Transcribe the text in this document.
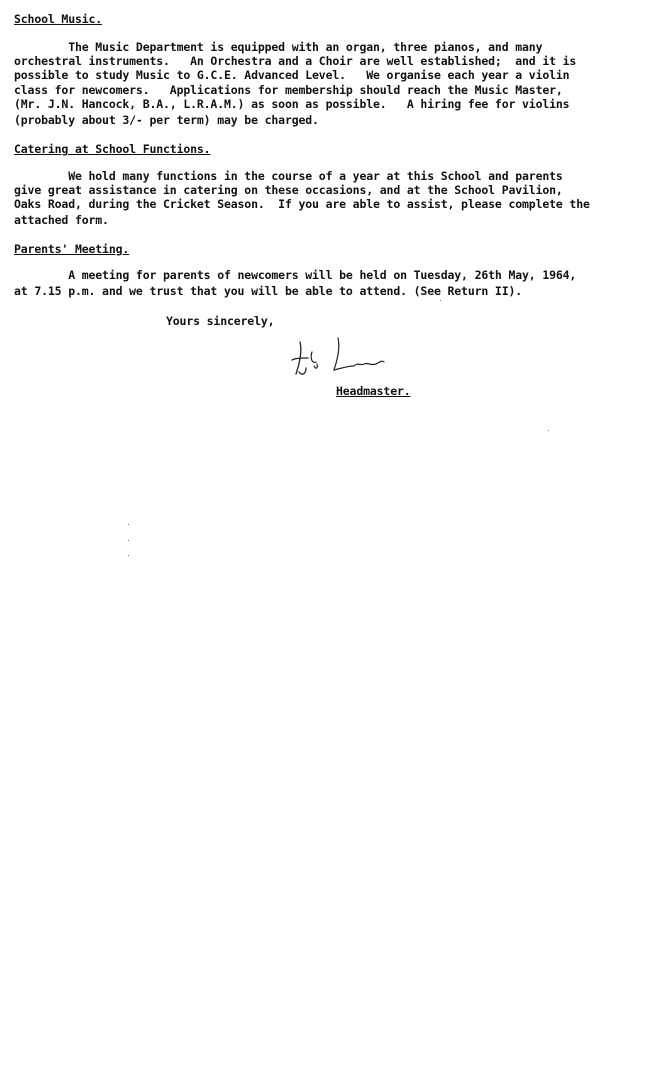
School Music.

The Music Department is equipped with an organ, three pianos, and many

orchestral instruments.   An Orchestra and a Choir are well established;  and it is

possible to study Music to G.C.E. Advanced Level.   We organise each year a violin

class for newcomers.   Applications for membership should reach the Music Master,

(Mr. J.N. Hancock, B.A., L.R.A.M.) as soon as possible.   A hiring fee for violins

(probably about 3/- per term) may be charged.

Catering at School Functions.

We hold many functions in the course of a year at this School and parents

give great assistance in catering on these occasions, and at the School Pavilion,

Oaks Road, during the Cricket Season.  If you are able to assist, please complete the

attached form.

Parents' Meeting.

A meeting for parents of newcomers will be held on Tuesday, 26th May, 1964,

at 7.15 p.m. and we trust that you will be able to attend. (See Return II).

Yours sincerely,

Headmaster.
